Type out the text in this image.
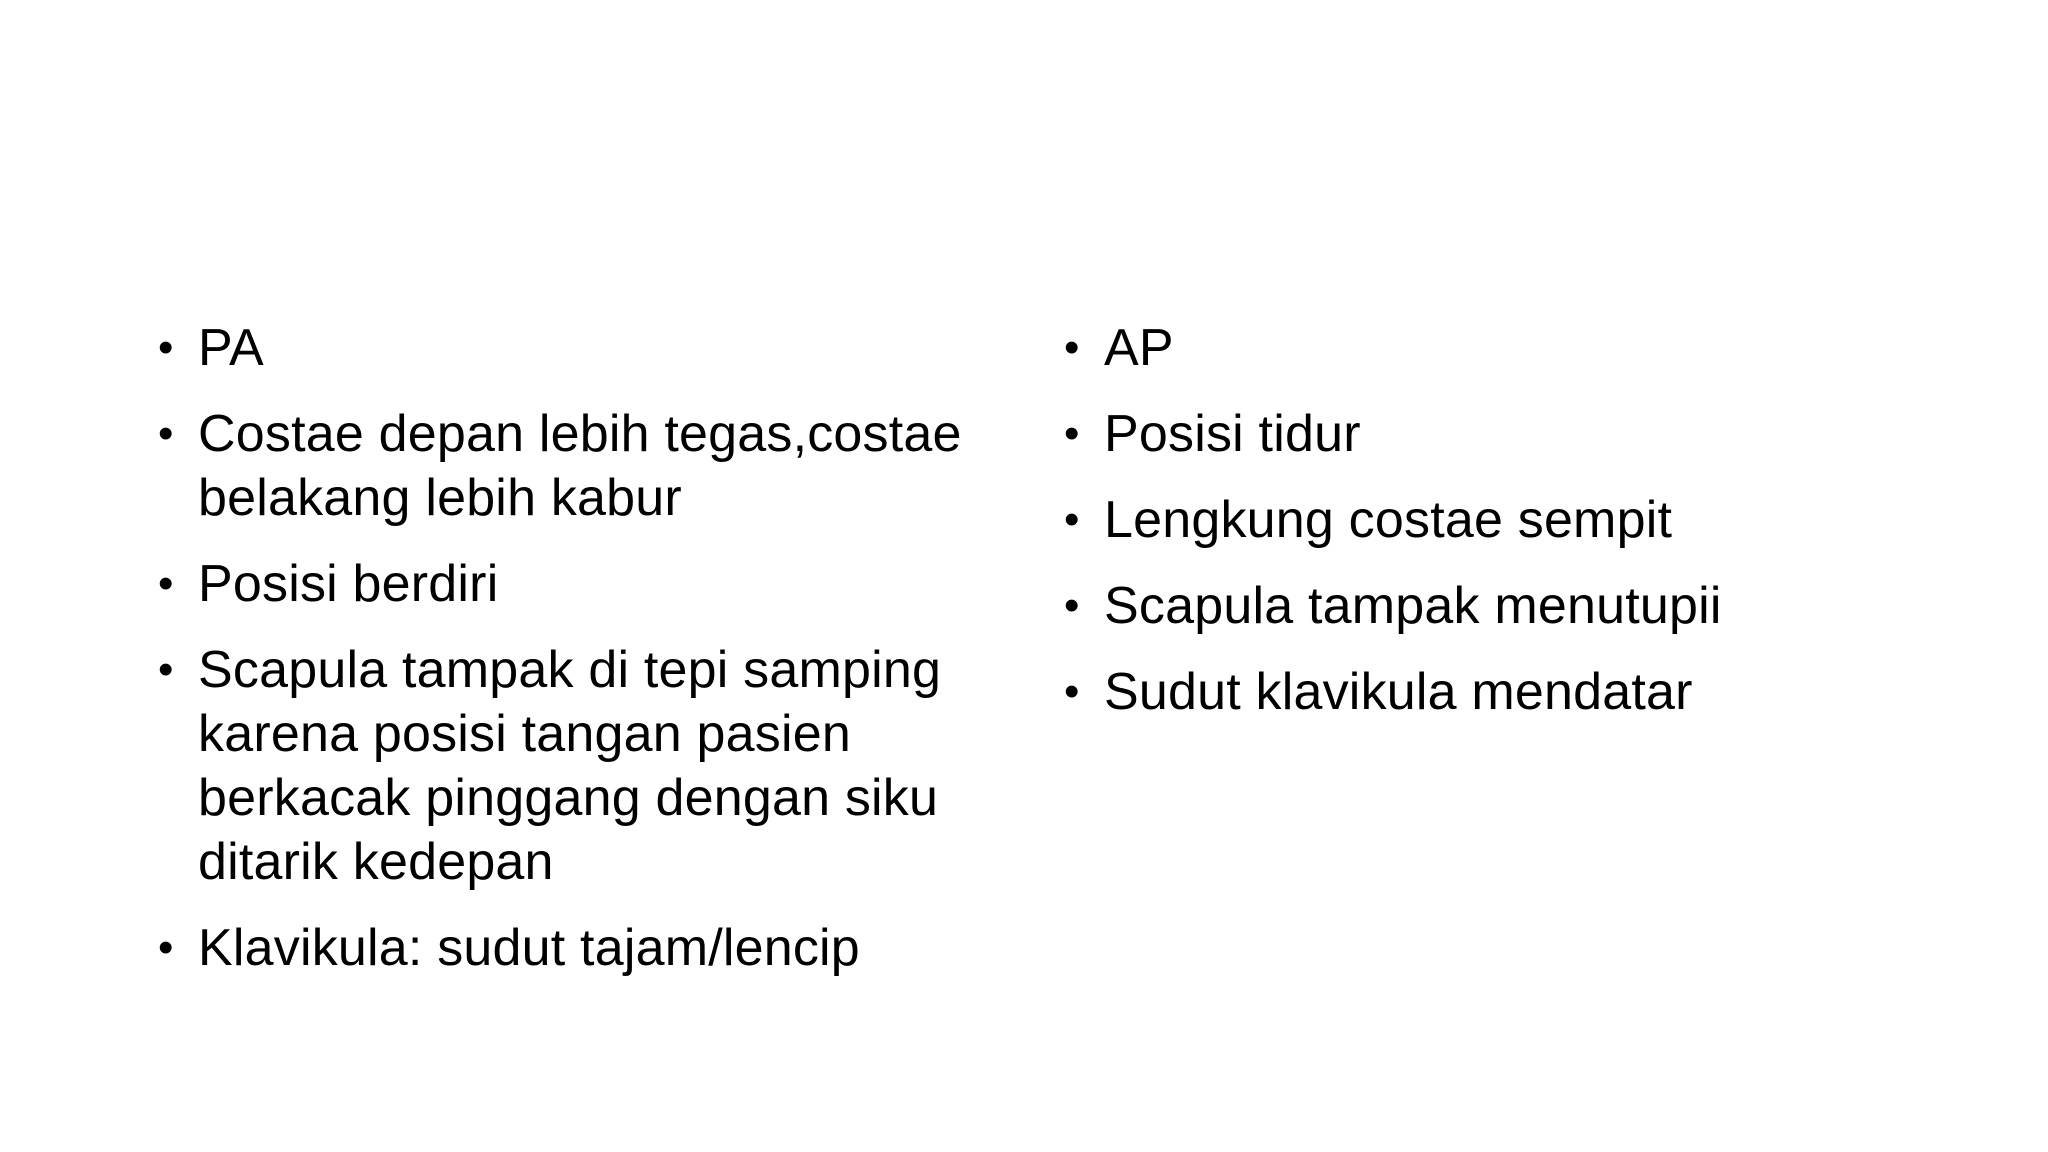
• PA
• Costae depan lebih tegas,costae belakang lebih kabur
• Posisi berdiri
• Scapula tampak di tepi samping karena posisi tangan pasien berkacak pinggang dengan siku ditarik kedepan
• Klavikula: sudut tajam/lencip
• AP
• Posisi tidur
• Lengkung costae sempit
• Scapula tampak menutupii
• Sudut klavikula mendatar
